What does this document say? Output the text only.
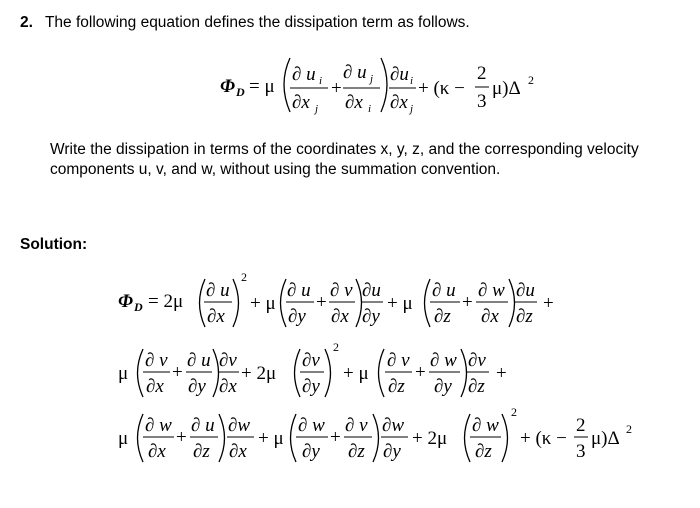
2. The following equation defines the dissipation term as follows.
Φ D = μ
∂ u i
∂x j
+
∂ u j
∂x i
∂u i
∂x j
+ (κ −
2
3
μ)Δ 2
Write the dissipation in terms of the coordinates x, y, z, and the corresponding velocity components u, v, and w, without using the summation convention.
Solution:
Φ D = 2μ
∂ u
∂x
2
+ μ
∂ u
∂y
+
∂ v
∂x
∂u
∂y
+ μ
∂ u
∂z
+
∂ w
∂x
∂u
∂z
+
μ
∂ v
∂x
+
∂ u
∂y
∂v
∂x
+ 2μ
∂v
∂y
2
+ μ
∂ v
∂z
+
∂ w
∂y
∂v
∂z
+
μ
∂ w
∂x
+
∂ u
∂z
∂w
∂x
+ μ
∂ w
∂y
+
∂ v
∂z
∂w
∂y
+ 2μ
∂ w
∂z
2
+ (κ −
2
3
μ)Δ 2
